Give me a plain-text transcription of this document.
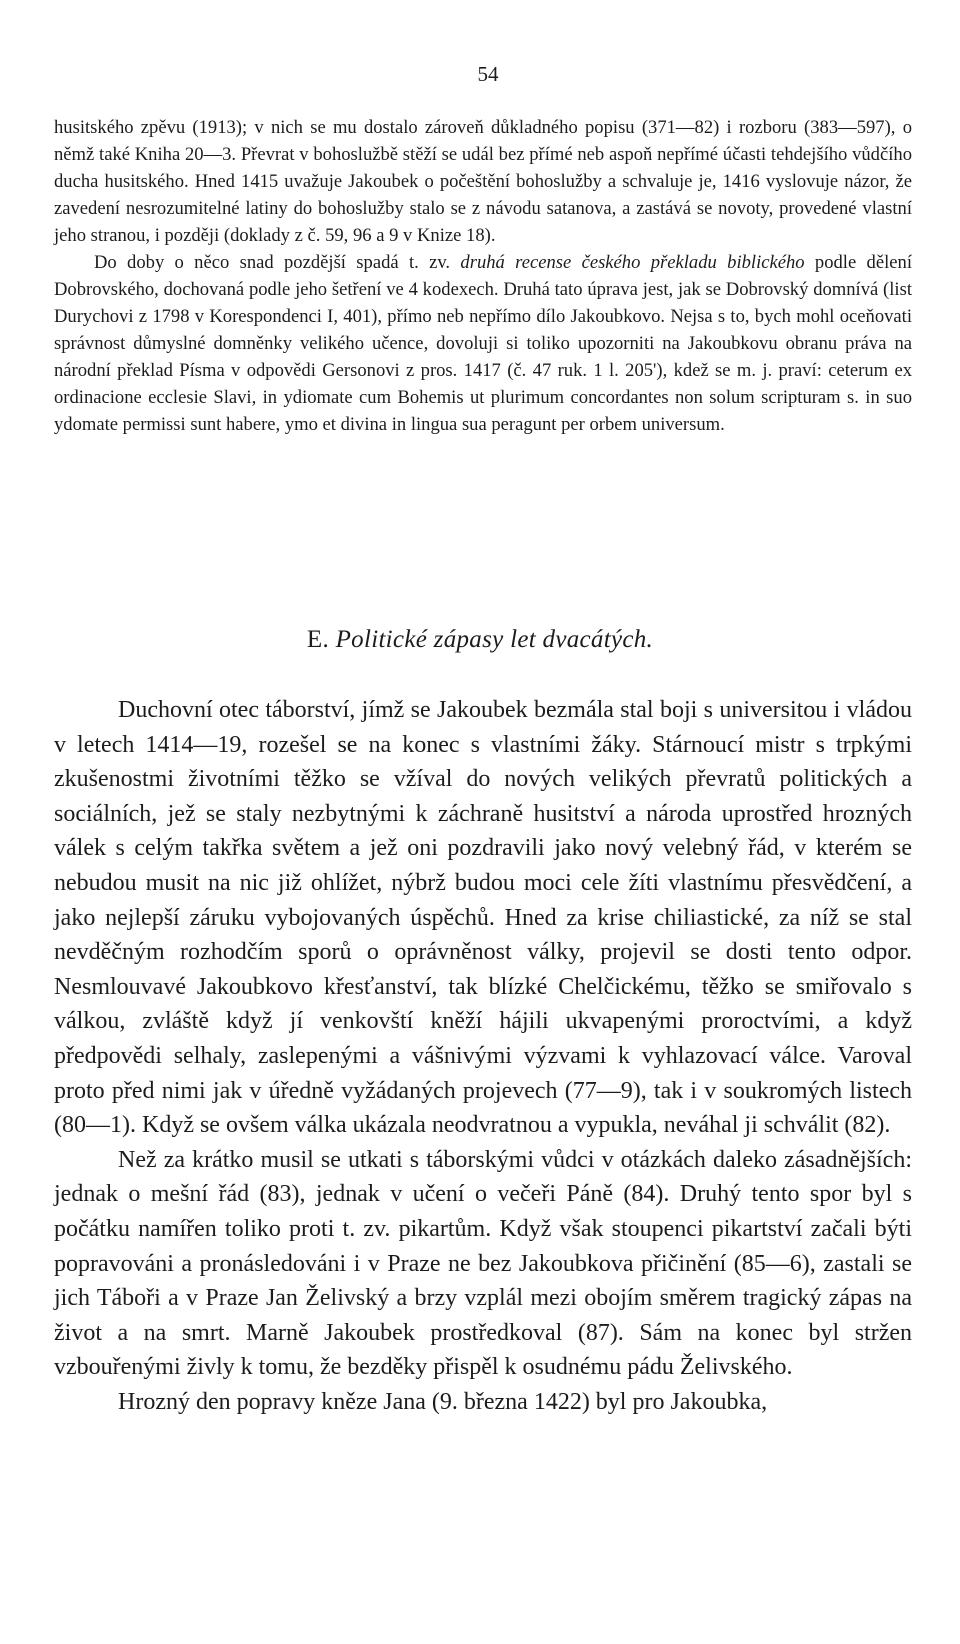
54

husitského zpěvu (1913); v nich se mu dostalo zároveň důkladného popisu (371—82) i rozboru (383—597), o němž také Kniha 20—3. Převrat v bohoslužbě stěží se udál bez přímé neb aspoň nepřímé účasti tehdejšího vůdčího ducha husitského. Hned 1415 uvažuje Jakoubek o počeštění bohoslužby a schvaluje je, 1416 vyslovuje názor, že zavedení nesrozumitelné latiny do bohoslužby stalo se z návodu satanova, a zastává se novoty, provedené vlastní jeho stranou, i později (doklady z č. 59, 96 a 9 v Knize 18).

Do doby o něco snad pozdější spadá t. zv. druhá recense českého překladu biblického podle dělení Dobrovského, dochovaná podle jeho šetření ve 4 kodexech. Druhá tato úprava jest, jak se Dobrovský domnívá (list Durychovi z 1798 v Korespondenci I, 401), přímo neb nepřímo dílo Jakoubkovo. Nejsa s to, bych mohl oceňovati správnost důmyslné domněnky velikého učence, dovoluji si toliko upozorniti na Jakoubkovu obranu práva na národní překlad Písma v odpovědi Gersonovi z pros. 1417 (č. 47 ruk. 1 l. 205'), kdež se m. j. praví: ceterum ex ordinacione ecclesie Slavi, in ydiomate cum Bohemis ut plurimum concordantes non solum scripturam s. in suo ydomate permissi sunt habere, ymo et divina in lingua sua peragunt per orbem universum.

E. Politické zápasy let dvacátých.

Duchovní otec táborství, jímž se Jakoubek bezmála stal boji s universitou i vládou v letech 1414—19, rozešel se na konec s vlastními žáky. Stárnoucí mistr s trpkými zkušenostmi životními těžko se vžíval do nových velikých převratů politických a sociálních, jež se staly nezbytnými k záchraně husitství a národa uprostřed hrozných válek s celým takřka světem a jež oni pozdravili jako nový velebný řád, v kterém se nebudou musit na nic již ohlížet, nýbrž budou moci cele žíti vlastnímu přesvědčení, a jako nejlepší záruku vybojovaných úspěchů. Hned za krise chiliastické, za níž se stal nevděčným rozhodčím sporů o oprávněnost války, projevil se dosti tento odpor. Nesmlouvavé Jakoubkovo křesťanství, tak blízké Chelčickému, těžko se smiřovalo s válkou, zvláště když jí venkovští kněží hájili ukvapenými proroctvími, a když předpovědi selhaly, zaslepenými a vášnivými výzvami k vyhlazovací válce. Varoval proto před nimi jak v úředně vyžádaných projevech (77—9), tak i v soukromých listech (80—1). Když se ovšem válka ukázala neodvratnou a vypukla, neváhal ji schválit (82).

Než za krátko musil se utkati s táborskými vůdci v otázkách daleko zásadnějších: jednak o mešní řád (83), jednak v učení o večeři Páně (84). Druhý tento spor byl s počátku namířen toliko proti t. zv. pikartům. Když však stoupenci pikartství začali býti popravováni a pronásledováni i v Praze ne bez Jakoubkova přičinění (85—6), zastali se jich Táboři a v Praze Jan Želivský a brzy vzplál mezi obojím směrem tragický zápas na život a na smrt. Marně Jakoubek prostředkoval (87). Sám na konec byl stržen vzbouřenými živly k tomu, že bezděky přispěl k osudnému pádu Želivského.

Hrozný den popravy kněze Jana (9. března 1422) byl pro Jakoubka,
